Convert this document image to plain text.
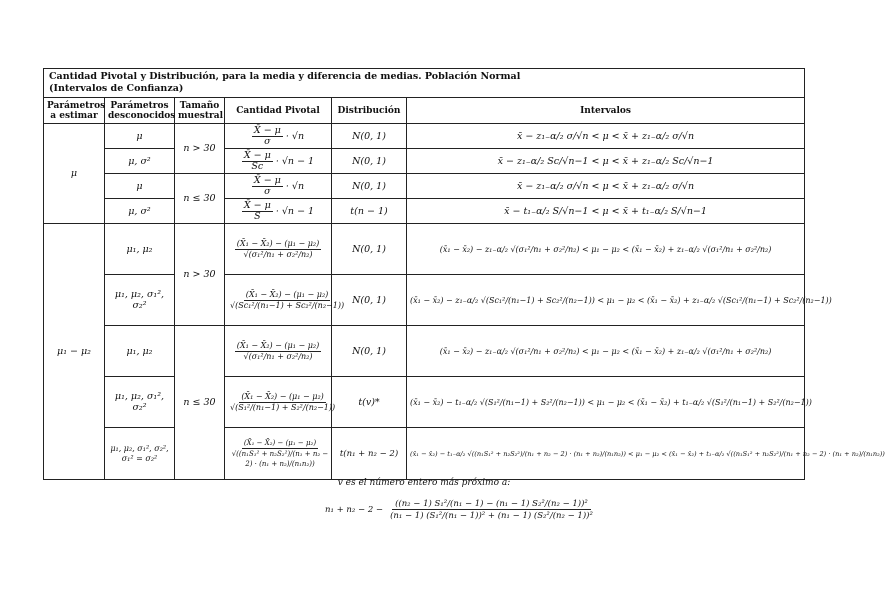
Cantidad Pivotal y Distribución, para la media y diferencia de medias. Población Normal
(Intervalos de Confianza)					

Parámetros a estimar	Parámetros desconocidos	Tamaño muestral	Cantidad Pivotal	Distribución	Intervalos
μ	μ	n > 30	$\frac{X̄ - \mu}{\sigma} \cdot √n$	N(0, 1)	x̄ − z₁₋α/₂ σ/√n < μ < x̄ + z₁₋α/₂ σ/√n
	μ, σ²		$\frac{X̄ - \mu}{Sc} \cdot √n - 1$	N(0, 1)	x̄ − z₁₋α/₂ Sc/√n−1 < μ < x̄ + z₁₋α/₂ Sc/√n−1
	μ	n ≤ 30	$\frac{X̄ - \mu}{\sigma} \cdot √n$	N(0, 1)	x̄ − z₁₋α/₂ σ/√n < μ < x̄ + z₁₋α/₂ σ/√n
	μ, σ²		$\frac{X̄ - \mu}{S} \cdot √n - 1$	t(n − 1)	x̄ − t₁₋α/₂ S/√n−1 < μ < x̄ + t₁₋α/₂ S/√n−1
μ₁ − μ₂	μ₁, μ₂	n > 30	$\frac{\text{(X̄₁ − X̄₂) − (μ₁ − μ₂)}}{\text{√(σ₁²/n₁ + σ₂²/n₂)}}$	N(0, 1)	(x̄₁ − x̄₂) − z₁₋α/₂ √(σ₁²/n₁ + σ₂²/n₂) < μ₁ − μ₂ < (x̄₁ − x̄₂) + z₁₋α/₂ √(σ₁²/n₁ + σ₂²/n₂)
	μ₁, μ₂, σ₁², σ₂²		$\frac{\text{(X̄₁ − X̄₂) − (μ₁ − μ₂)}}{\text{√(Sc₁²/(n₁−1) + Sc₂²/(n₂−1))}}$	N(0, 1)	(x̄₁ − x̄₂) − z₁₋α/₂ √(Sc₁²/(n₁−1) + Sc₂²/(n₂−1)) < μ₁ − μ₂ < (x̄₁ − x̄₂) + z₁₋α/₂ √(Sc₁²/(n₁−1) + Sc₂²/(n₂−1))
	μ₁, μ₂	n ≤ 30	$\frac{\text{(X̄₁ − X̄₂) − (μ₁ − μ₂)}}{\text{√(σ₁²/n₁ + σ₂²/n₂)}}$	N(0, 1)	(x̄₁ − x̄₂) − z₁₋α/₂ √(σ₁²/n₁ + σ₂²/n₂) < μ₁ − μ₂ < (x̄₁ − x̄₂) + z₁₋α/₂ √(σ₁²/n₁ + σ₂²/n₂)
	μ₁, μ₂, σ₁², σ₂²		$\frac{\text{(X̄₁ − X̄₂) − (μ₁ − μ₂)}}{\text{√(S₁²/(n₁−1) + S₂²/(n₂−1))}}$	t(v)*	(x̄₁ − x̄₂) − t₁₋α/₂ √(S₁²/(n₁−1) + S₂²/(n₂−1)) < μ₁ − μ₂ < (x̄₁ − x̄₂) + t₁₋α/₂ √(S₁²/(n₁−1) + S₂²/(n₂−1))
	μ₁, μ₂, σ₁², σ₂², σ₁² = σ₂²		$\frac{\text{(X̄₁ − X̄₂) − (μ₁ − μ₂)}}{\text{√((n₁S₁² + n₂S₂²)/(n₁ + n₂ − 2) · (n₁ + n₂)/(n₁n₂))}}$	t(n₁ + n₂ − 2)	(x̄₁ − x̄₂) − t₁₋α/₂ √((n₁S₁² + n₂S₂²)/(n₁ + n₂ − 2) · (n₁ + n₂)/(n₁n₂)) < μ₁ − μ₂ < (x̄₁ − x̄₂) + t₁₋α/₂ √((n₁S₁² + n₂S₂²)/(n₁ + n₂ − 2) · (n₁ + n₂)/(n₁n₂))
v es el número entero más próximo a:
$n_1 + n_2 - 2 - \frac{\text{((n₂ − 1) S₁²/(n₁ − 1) − (n₁ − 1) S₂²/(n₂ − 1))²}}{\text{(n₁ − 1) (S₁²/(n₁ − 1))² + (n₁ − 1) (S₂²/(n₂ − 1))²}}$
